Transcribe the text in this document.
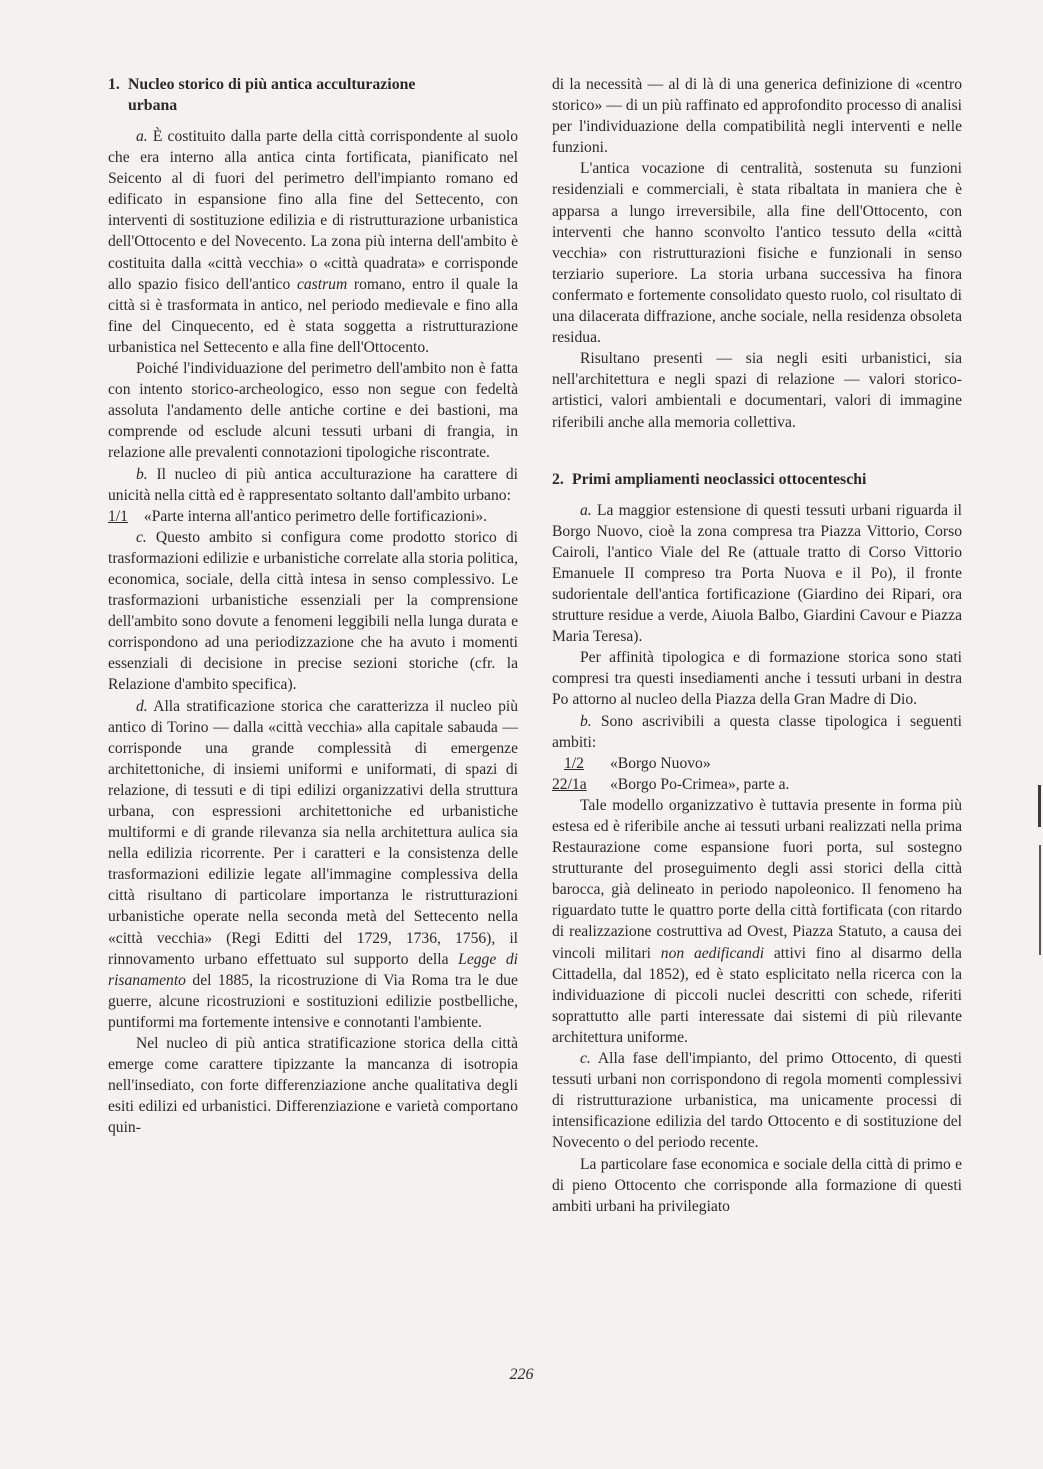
1. Nucleo storico di più antica acculturazione
urbana

a. È costituito dalla parte della città corrispondente al suolo che era interno alla antica cinta fortificata, pianificato nel Seicento al di fuori del perimetro dell'impianto romano ed edificato in espansione fino alla fine del Settecento, con interventi di sostituzione edilizia e di ristrutturazione urbanistica dell'Ottocento e del Novecento. La zona più interna dell'ambito è costituita dalla «città vecchia» o «città quadrata» e corrisponde allo spazio fisico dell'antico castrum romano, entro il quale la città si è trasformata in antico, nel periodo medievale e fino alla fine del Cinquecento, ed è stata soggetta a ristrutturazione urbanistica nel Settecento e alla fine dell'Ottocento.

Poiché l'individuazione del perimetro dell'ambito non è fatta con intento storico-archeologico, esso non segue con fedeltà assoluta l'andamento delle antiche cortine e dei bastioni, ma comprende od esclude alcuni tessuti urbani di frangia, in relazione alle prevalenti connotazioni tipologiche riscontrate.

b. Il nucleo di più antica acculturazione ha carattere di unicità nella città ed è rappresentato soltanto dall'ambito urbano:

1/1 «Parte interna all'antico perimetro delle fortificazioni».

c. Questo ambito si configura come prodotto storico di trasformazioni edilizie e urbanistiche correlate alla storia politica, economica, sociale, della città intesa in senso complessivo. Le trasformazioni urbanistiche essenziali per la comprensione dell'ambito sono dovute a fenomeni leggibili nella lunga durata e corrispondono ad una periodizzazione che ha avuto i momenti essenziali di decisione in precise sezioni storiche (cfr. la Relazione d'ambito specifica).

d. Alla stratificazione storica che caratterizza il nucleo più antico di Torino — dalla «città vecchia» alla capitale sabauda — corrisponde una grande complessità di emergenze architettoniche, di insiemi uniformi e uniformati, di spazi di relazione, di tessuti e di tipi edilizi organizzativi della struttura urbana, con espressioni architettoniche ed urbanistiche multiformi e di grande rilevanza sia nella architettura aulica sia nella edilizia ricorrente. Per i caratteri e la consistenza delle trasformazioni edilizie legate all'immagine complessiva della città risultano di particolare importanza le ristrutturazioni urbanistiche operate nella seconda metà del Settecento nella «città vecchia» (Regi Editti del 1729, 1736, 1756), il rinnovamento urbano effettuato sul supporto della Legge di risanamento del 1885, la ricostruzione di Via Roma tra le due guerre, alcune ricostruzioni e sostituzioni edilizie postbelliche, puntiformi ma fortemente intensive e connotanti l'ambiente.

Nel nucleo di più antica stratificazione storica della città emerge come carattere tipizzante la mancanza di isotropia nell'insediato, con forte differenziazione anche qualitativa degli esiti edilizi ed urbanistici. Differenziazione e varietà comportano quin-

di la necessità — al di là di una generica definizione di «centro storico» — di un più raffinato ed approfondito processo di analisi per l'individuazione della compatibilità negli interventi e nelle funzioni.

L'antica vocazione di centralità, sostenuta su funzioni residenziali e commerciali, è stata ribaltata in maniera che è apparsa a lungo irreversibile, alla fine dell'Ottocento, con interventi che hanno sconvolto l'antico tessuto della «città vecchia» con ristrutturazioni fisiche e funzionali in senso terziario superiore. La storia urbana successiva ha finora confermato e fortemente consolidato questo ruolo, col risultato di una dilacerata diffrazione, anche sociale, nella residenza obsoleta residua.

Risultano presenti — sia negli esiti urbanistici, sia nell'architettura e negli spazi di relazione — valori storico-artistici, valori ambientali e documentari, valori di immagine riferibili anche alla memoria collettiva.

2. Primi ampliamenti neoclassici ottocenteschi

a. La maggior estensione di questi tessuti urbani riguarda il Borgo Nuovo, cioè la zona compresa tra Piazza Vittorio, Corso Cairoli, l'antico Viale del Re (attuale tratto di Corso Vittorio Emanuele II compreso tra Porta Nuova e il Po), il fronte sudorientale dell'antica fortificazione (Giardino dei Ripari, ora strutture residue a verde, Aiuola Balbo, Giardini Cavour e Piazza Maria Teresa).

Per affinità tipologica e di formazione storica sono stati compresi tra questi insediamenti anche i tessuti urbani in destra Po attorno al nucleo della Piazza della Gran Madre di Dio.

b. Sono ascrivibili a questa classe tipologica i seguenti ambiti:

1/2 «Borgo Nuovo»

22/1a «Borgo Po-Crimea», parte a.

Tale modello organizzativo è tuttavia presente in forma più estesa ed è riferibile anche ai tessuti urbani realizzati nella prima Restaurazione come espansione fuori porta, sul sostegno strutturante del proseguimento degli assi storici della città barocca, già delineato in periodo napoleonico. Il fenomeno ha riguardato tutte le quattro porte della città fortificata (con ritardo di realizzazione costruttiva ad Ovest, Piazza Statuto, a causa dei vincoli militari non aedificandi attivi fino al disarmo della Cittadella, dal 1852), ed è stato esplicitato nella ricerca con la individuazione di piccoli nuclei descritti con schede, riferiti soprattutto alle parti interessate dai sistemi di più rilevante architettura uniforme.

c. Alla fase dell'impianto, del primo Ottocento, di questi tessuti urbani non corrispondono di regola momenti complessivi di ristrutturazione urbanistica, ma unicamente processi di intensificazione edilizia del tardo Ottocento e di sostituzione del Novecento o del periodo recente.

La particolare fase economica e sociale della città di primo e di pieno Ottocento che corrisponde alla formazione di questi ambiti urbani ha privilegiato

226
